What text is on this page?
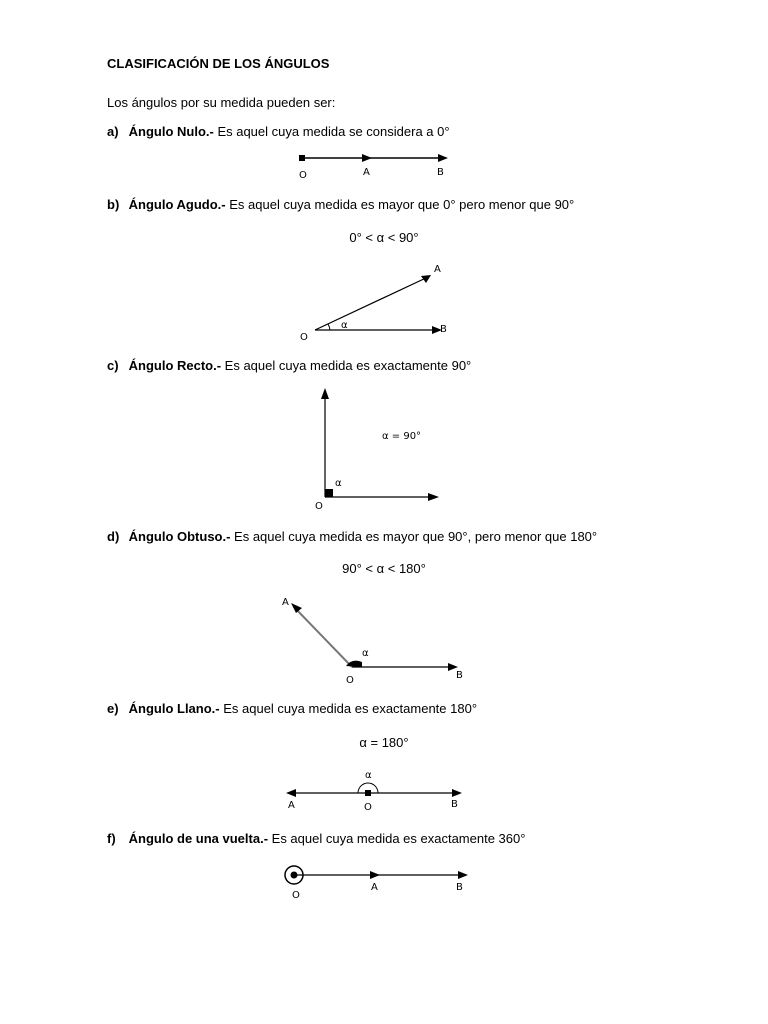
CLASIFICACIÓN DE LOS ÁNGULOS
Los ángulos por su medida pueden ser:
a) Ángulo Nulo.- Es aquel cuya medida se considera a 0°
O	A	B
b) Ángulo Agudo.- Es aquel cuya medida es mayor que 0° pero menor que 90°
0° < α < 90°
α
O
A
B
c) Ángulo Recto.- Es aquel cuya medida es exactamente 90°
α
O
α = 90°
d) Ángulo Obtuso.- Es aquel cuya medida es mayor que 90°, pero menor que 180°
90° < α < 180°
α
O
A
B
e) Ángulo Llano.- Es aquel cuya medida es exactamente 180°
α = 180°
α
O
A	B
f) Ángulo de una vuelta.- Es aquel cuya medida es exactamente 360°
O
A	B
